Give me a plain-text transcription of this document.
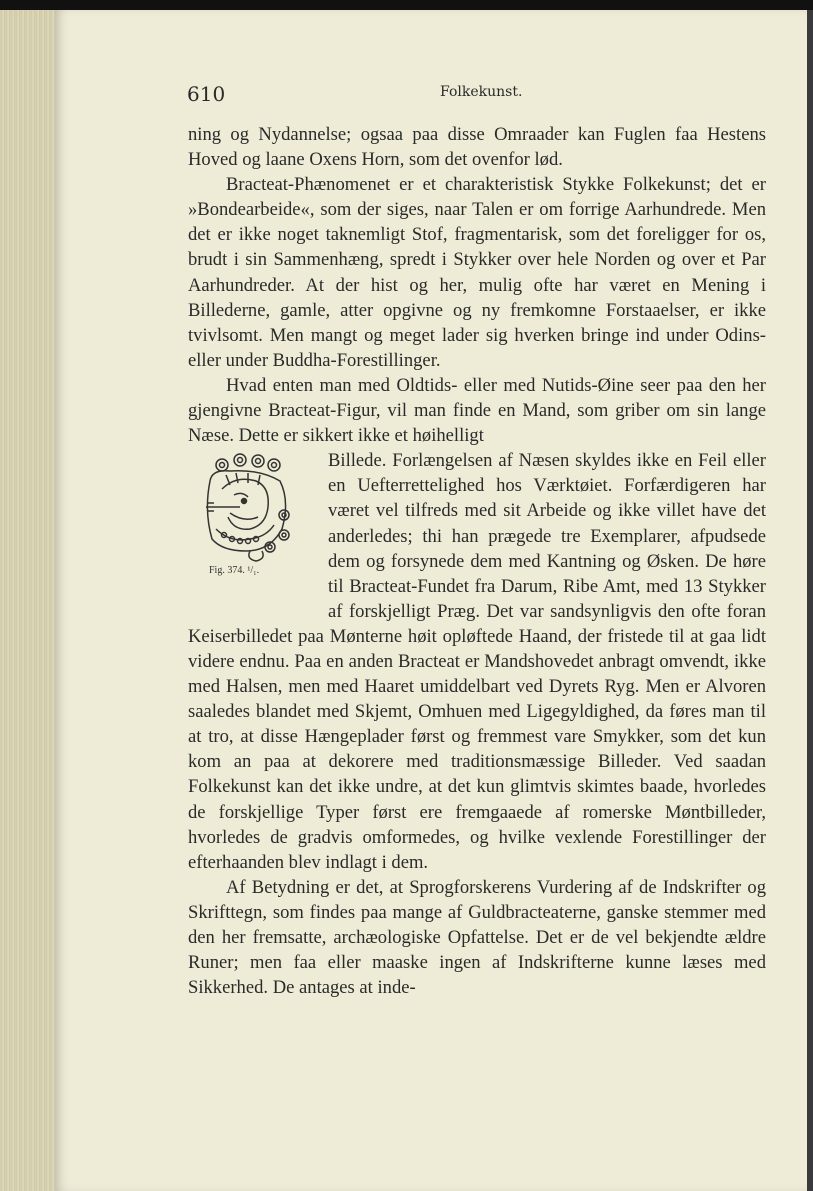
610	Folkekunst.

ning og Nydannelse; ogsaa paa disse Omraader kan Fuglen faa Hestens Hoved og laane Oxens Horn, som det ovenfor lød.

Bracteat-Phænomenet er et charakteristisk Stykke Folkekunst; det er »Bondearbeide«, som der siges, naar Talen er om forrige Aarhundrede. Men det er ikke noget taknemligt Stof, fragmentarisk, som det foreligger for os, brudt i sin Sammenhæng, spredt i Stykker over hele Norden og over et Par Aarhundreder. At der hist og her, mulig ofte har været en Mening i Billederne, gamle, atter opgivne og ny fremkomne Forstaaelser, er ikke tvivlsomt. Men mangt og meget lader sig hverken bringe ind under Odins- eller under Buddha-Forestillinger.

Hvad enten man med Oldtids- eller med Nutids-Øine seer paa den her gjengivne Bracteat-Figur, vil man finde en Mand, som griber om sin lange Næse. Dette er sikkert ikke et høihelligt

Fig. 374. ¹/₁.

Billede. Forlængelsen af Næsen skyldes ikke en Feil eller en Uefterrettelighed hos Værktøiet. Forfærdigeren har været vel tilfreds med sit Arbeide og ikke villet have det anderledes; thi han prægede tre Exemplarer, afpudsede dem og forsynede dem med Kantning og Øsken. De høre til Bracteat-Fundet fra Darum, Ribe Amt, med 13 Stykker af forskjelligt Præg. Det var sandsynligvis den ofte foran Keiserbilledet paa Mønterne høit opløftede Haand, der fristede til at gaa lidt videre endnu. Paa en anden Bracteat er Mandshovedet anbragt omvendt, ikke med Halsen, men med Haaret umiddelbart ved Dyrets Ryg. Men er Alvoren saaledes blandet med Skjemt, Omhuen med Ligegyldighed, da føres man til at tro, at disse Hængeplader først og fremmest vare Smykker, som det kun kom an paa at dekorere med traditionsmæssige Billeder. Ved saadan Folkekunst kan det ikke undre, at det kun glimtvis skimtes baade, hvorledes de forskjellige Typer først ere fremgaaede af romerske Møntbilleder, hvorledes de gradvis omformedes, og hvilke vexlende Forestillinger der efterhaanden blev indlagt i dem.

Af Betydning er det, at Sprogforskerens Vurdering af de Indskrifter og Skrifttegn, som findes paa mange af Guldbracteaterne, ganske stemmer med den her fremsatte, archæologiske Opfattelse. Det er de vel bekjendte ældre Runer; men faa eller maaske ingen af Indskrifterne kunne læses med Sikkerhed. De antages at inde-
